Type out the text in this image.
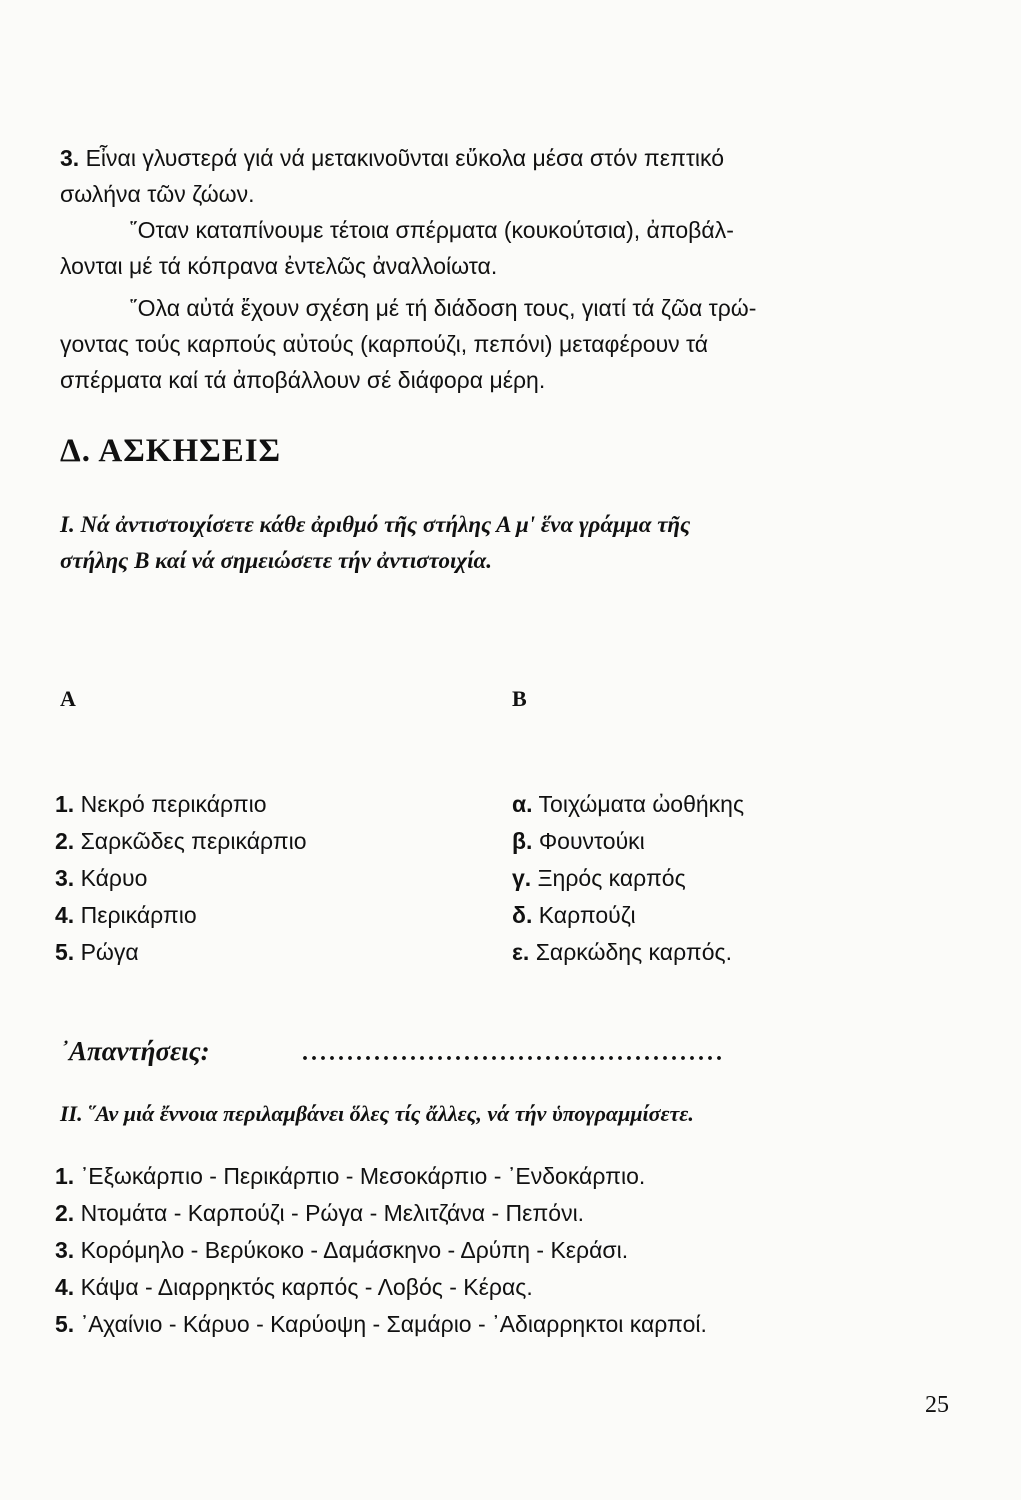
3. Εἶναι γλυστερά γιά νά μετακινοῦνται εὔκολα μέσα στόν πεπτικό
σωλήνα τῶν ζώων.
῞Οταν καταπίνουμε τέτοια σπέρματα (κουκούτσια), ἀποβάλ-
λονται μέ τά κόπρανα ἐντελῶς ἀναλλοίωτα.
῞Ολα αὐτά ἔχουν σχέση μέ τή διάδοση τους, γιατί τά ζῶα τρώ-
γοντας τούς καρπούς αὐτούς (καρπούζι, πεπόνι) μεταφέρουν τά
σπέρματα καί τά ἀποβάλλουν σέ διάφορα μέρη.
Δ. ΑΣΚΗΣΕΙΣ
I. Νά ἀντιστοιχίσετε κάθε ἀριθμό τῆς στήλης Α μ' ἕνα γράμμα τῆς
στήλης Β καί νά σημειώσετε τήν ἀντιστοιχία.
Α	Β
1. Νεκρό περικάρπιο
2. Σαρκῶδες περικάρπιο
3. Κάρυο
4. Περικάρπιο
5. Ρώγα
α. Τοιχώματα ὠοθήκης
β. Φουντούκι
γ. Ξηρός καρπός
δ. Καρπούζι
ε. Σαρκώδης καρπός.
᾿Απαντήσεις:	...............................................
II. ῞Αν μιά ἔννοια περιλαμβάνει ὅλες τίς ἄλλες, νά τήν ὑπογραμμίσετε.
1. ᾿Εξωκάρπιο - Περικάρπιο - Μεσοκάρπιο - ᾿Ενδοκάρπιο.
2. Ντομάτα - Καρπούζι - Ρώγα - Μελιτζάνα - Πεπόνι.
3. Κορόμηλο - Βερύκοκο - Δαμάσκηνο - Δρύπη - Κεράσι.
4. Κάψα - Διαρρηκτός καρπός - Λοβός - Κέρας.
5. ᾿Αχαίνιο - Κάρυο - Καρύοψη - Σαμάριο - ᾿Αδιαρρηκτοι καρποί.
25
